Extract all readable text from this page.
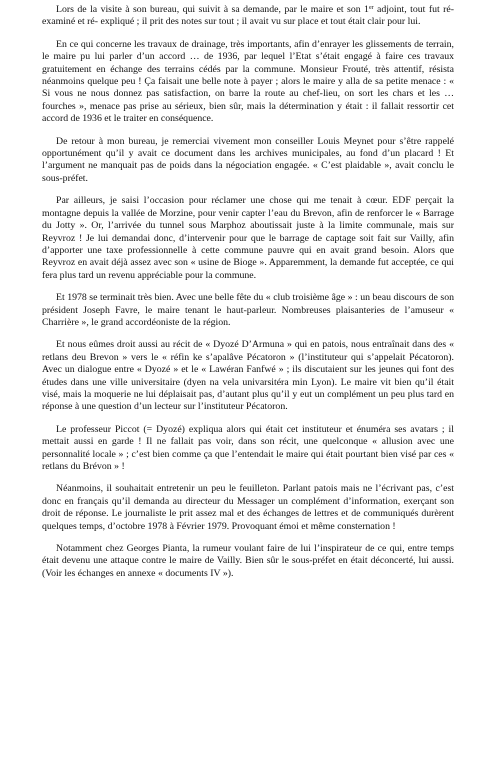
Lors de la visite à son bureau, qui suivit à sa demande, par le maire et son 1er adjoint, tout fut ré-examiné et ré- expliqué ; il prit des notes sur tout ; il avait vu sur place et tout était clair pour lui.

En ce qui concerne les travaux de drainage, très importants, afin d’enrayer les glissements de terrain, le maire pu lui parler d’un accord … de 1936, par lequel l’Etat s’était engagé à faire ces travaux gratuitement en échange des terrains cédés par la commune. Monsieur Frouté, très attentif, résista néanmoins quelque peu ! Ça faisait une belle note à payer ; alors le maire y alla de sa petite menace : « Si vous ne nous donnez pas satisfaction, on barre la route au chef-lieu, on sort les chars et les … fourches », menace pas prise au sérieux, bien sûr, mais la détermination y était : il fallait ressortir cet accord de 1936 et le traiter en conséquence.

De retour à mon bureau, je remerciai vivement mon conseiller Louis Meynet pour s’être rappelé opportunément qu’il y avait ce document dans les archives municipales, au fond d’un placard ! Et l’argument ne manquait pas de poids dans la négociation engagée. « C’est plaidable », avait conclu le sous-préfet.

Par ailleurs, je saisi l’occasion pour réclamer une chose qui me tenait à cœur. EDF perçait la montagne depuis la vallée de Morzine, pour venir capter l’eau du Brevon, afin de renforcer le « Barrage du Jotty ». Or, l’arrivée du tunnel sous Marphoz aboutissait juste à la limite communale, mais sur Reyvroz ! Je lui demandai donc, d’intervenir pour que le barrage de captage soit fait sur Vailly, afin d’apporter une taxe professionnelle à cette commune pauvre qui en avait grand besoin. Alors que Reyvroz en avait déjà assez avec son « usine de Bioge ». Apparemment, la demande fut acceptée, ce qui fera plus tard un revenu appréciable pour la commune.

Et 1978 se terminait très bien. Avec une belle fête du « club troisième âge » : un beau discours de son président Joseph Favre, le maire tenant le haut-parleur. Nombreuses plaisanteries de l’amuseur « Charrière », le grand accordéoniste de la région.

Et nous eûmes droit aussi au récit de « Dyozé D’Armuna » qui en patois, nous entraînait dans des « retlans deu Brevon » vers le « réfin ke s’apalâve Pécatoron » (l’instituteur qui s’appelait Pécatoron). Avec un dialogue entre « Dyozé » et le « Lawéran Fanfwé » ; ils discutaient sur les jeunes qui font des études dans une ville universitaire (dyen na vela univarsitéra min Lyon). Le maire vit bien qu’il était visé, mais la moquerie ne lui déplaisait pas, d’autant plus qu’il y eut un complément un peu plus tard en réponse à une question d’un lecteur sur l’instituteur Pécatoron.

Le professeur Piccot (= Dyozé) expliqua alors qui était cet instituteur et énuméra ses avatars ; il mettait aussi en garde ! Il ne fallait pas voir, dans son récit, une quelconque « allusion avec une personnalité locale » ; c’est bien comme ça que l’entendait le maire qui était pourtant bien visé par ces « retlans du Brévon » !

Néanmoins, il souhaitait entretenir un peu le feuilleton. Parlant patois mais ne l’écrivant pas, c’est donc en français qu’il demanda au directeur du Messager un complément d’information, exerçant son droit de réponse. Le journaliste le prit assez mal et des échanges de lettres et de communiqués durèrent quelques temps, d’octobre 1978 à Février 1979. Provoquant émoi et même consternation !

Notamment chez Georges Pianta, la rumeur voulant faire de lui l’inspirateur de ce qui, entre temps était devenu une attaque contre le maire de Vailly. Bien sûr le sous-préfet en était déconcerté, lui aussi. (Voir les échanges en annexe « documents IV »).
